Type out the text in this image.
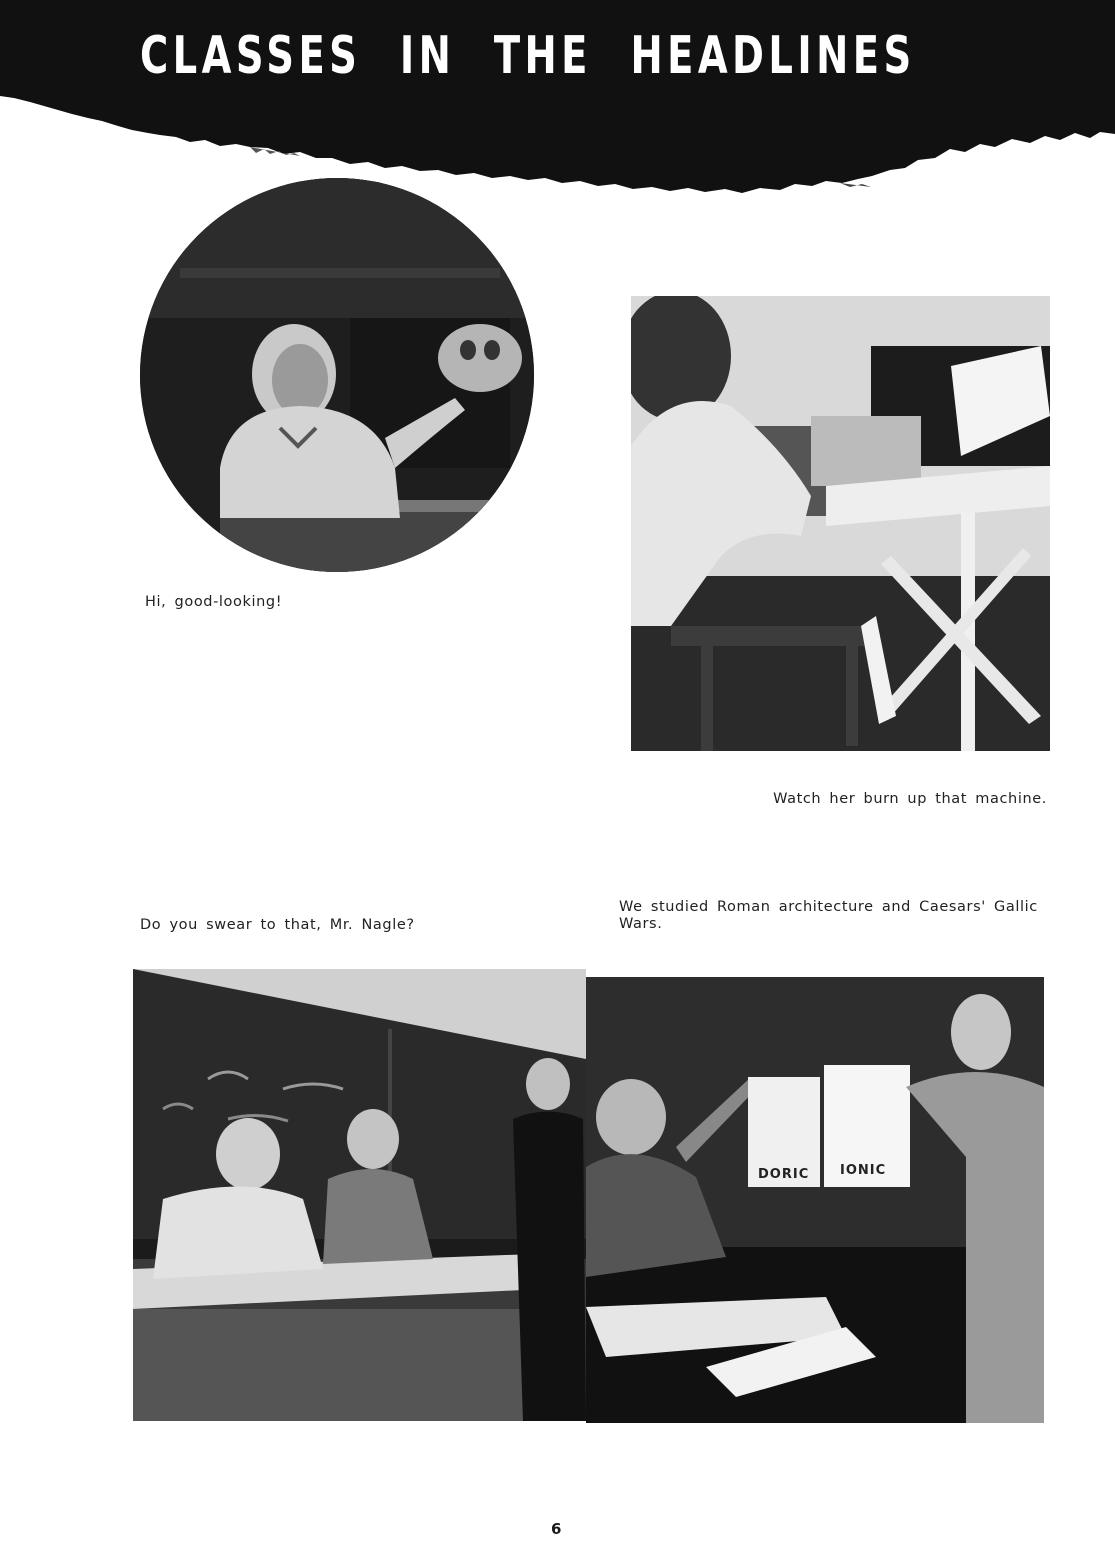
CLASSES IN THE HEADLINES

Hi, good-looking!

Watch her burn up that machine.

Do you swear to that, Mr. Nagle?

We studied Roman architecture and Caesars' Gallic Wars.

DORIC IONIC

6
